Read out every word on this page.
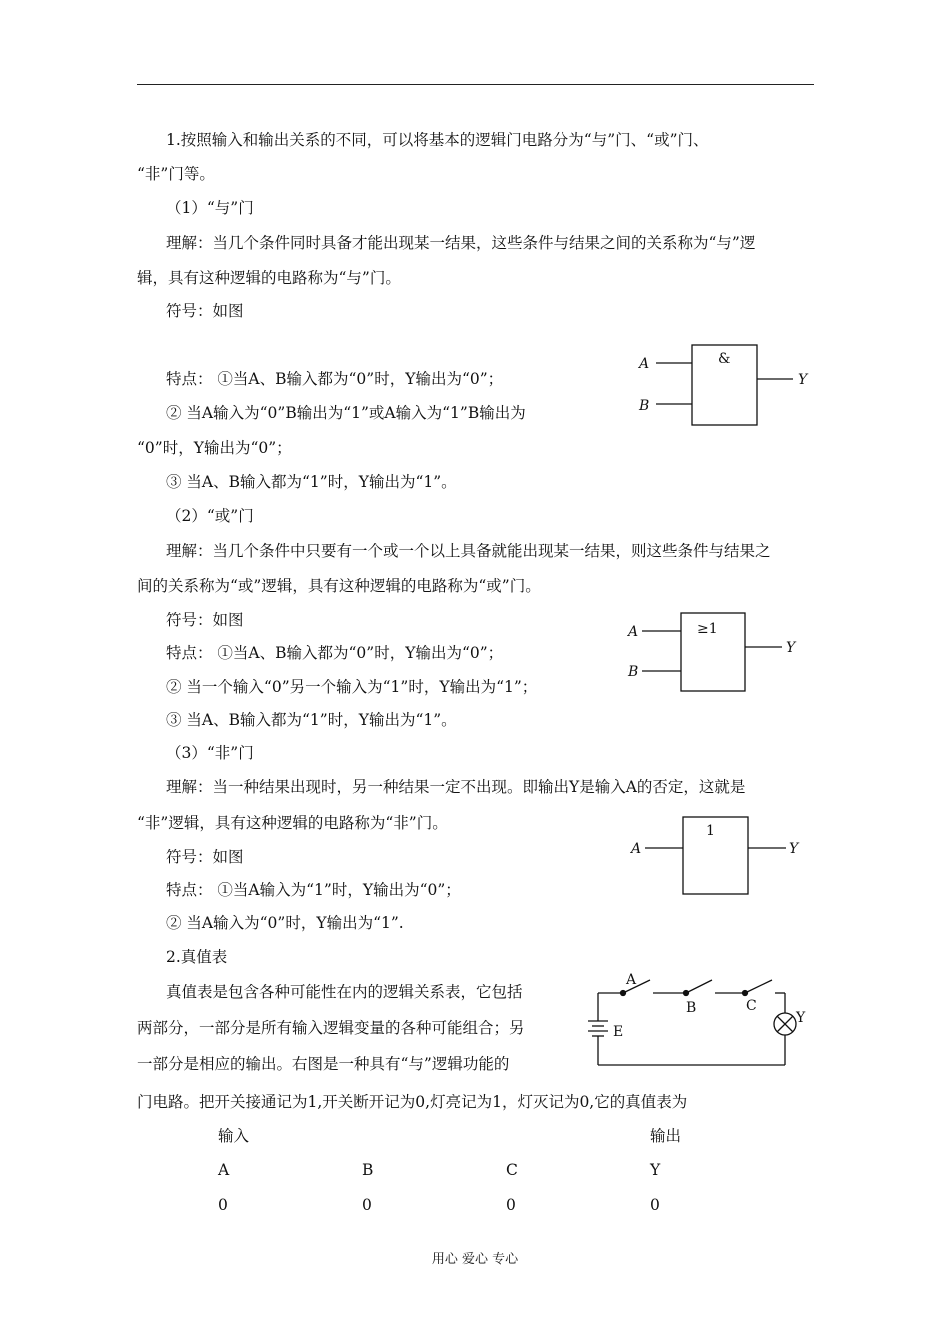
1.按照输入和输出关系的不同，可以将基本的逻辑门电路分为“与”门、“或”门、
“非”门等。
（1）“与”门
理解：当几个条件同时具备才能出现某一结果，这些条件与结果之间的关系称为“与”逻
辑，具有这种逻辑的电路称为“与”门。
符号：如图
特点： ①当A、B输入都为“0”时，Y输出为“0”；
② 当A输入为“0”B输出为“1”或A输入为“1”B输出为
“0”时，Y输出为“0”；
③ 当A、B输入都为“1”时，Y输出为“1”。
A
B
Y
&
（2）“或”门
理解：当几个条件中只要有一个或一个以上具备就能出现某一结果，则这些条件与结果之
间的关系称为“或”逻辑，具有这种逻辑的电路称为“或”门。
符号：如图
特点： ①当A、B输入都为“0”时，Y输出为“0”；
② 当一个输入“0”另一个输入为“1”时，Y输出为“1”；
③ 当A、B输入都为“1”时，Y输出为“1”。
A
B
Y
≥1
（3）“非”门
理解：当一种结果出现时，另一种结果一定不出现。即输出Y是输入A的否定，这就是
“非”逻辑，具有这种逻辑的电路称为“非”门。
符号：如图
特点： ①当A输入为“1”时，Y输出为“0”；
② 当A输入为“0”时，Y输出为“1”.
A	Y
1
2.真值表
真值表是包含各种可能性在内的逻辑关系表，它包括
两部分，一部分是所有输入逻辑变量的各种可能组合；另
一部分是相应的输出。右图是一种具有“与”逻辑功能的
门电路。把开关接通记为1,开关断开记为0,灯亮记为1，灯灭记为0,它的真值表为
A
B	C
E
Y
输入	输出
A	B	C	Y
0	0	0	0
用心 爱心 专心
